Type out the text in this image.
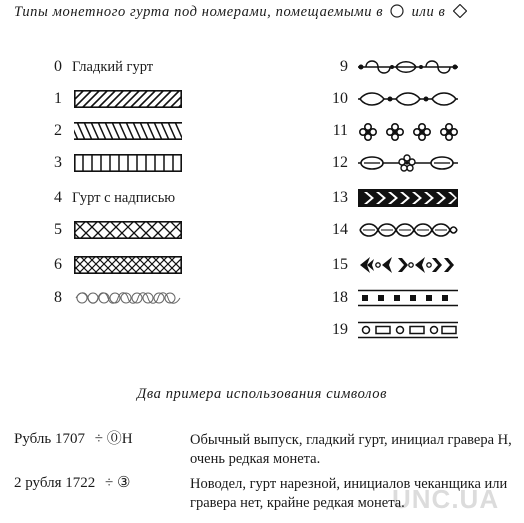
Типы монетного гурта под номерами, помещаемыми в или в
0 Гладкий гурт
1
2
3
4 Гурт с надписью
5
6
8
9
10
11
12
13
14
15
18
19
Два примера использования символов
Рубль 1707 ÷ ⓪Н	Обычный выпуск, гладкий гурт, инициал гравера Н, очень редкая монета.
2 рубля 1722 ÷ ③	Новодел, гурт нарезной, инициалов чеканщика или гравера нет, крайне редкая монета.
UNC.UA
